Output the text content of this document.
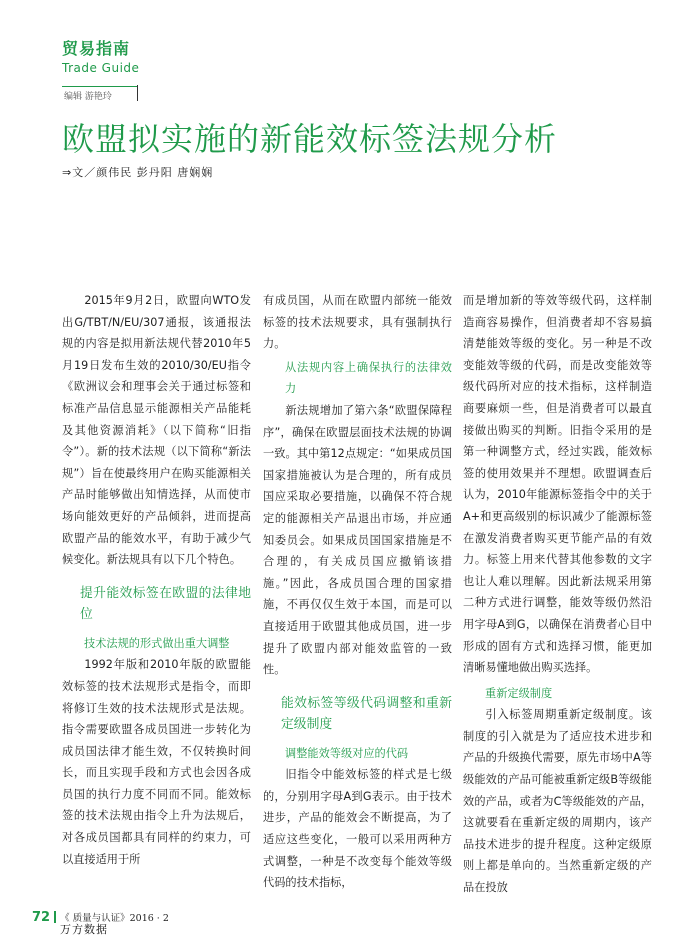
贸易指南
Trade Guide
编辑 游艳玲
欧盟拟实施的新能效标签法规分析
⇒文／颜伟民 彭丹阳 唐娴娴

2015年9月2日，欧盟向WTO发出G/TBT/N/EU/307通报，该通报法规的内容是拟用新法规代替2010年5月19日发布生效的2010/30/EU指令《欧洲议会和理事会关于通过标签和标准产品信息显示能源相关产品能耗及其他资源消耗》（以下简称“旧指令”）。新的技术法规（以下简称“新法规”）旨在使最终用户在购买能源相关产品时能够做出知情选择，从而使市场向能效更好的产品倾斜，进而提高欧盟产品的能效水平，有助于减少气候变化。新法规具有以下几个特色。

提升能效标签在欧盟的法律地位
技术法规的形式做出重大调整

1992年版和2010年版的欧盟能效标签的技术法规形式是指令，而即将修订生效的技术法规形式是法规。指令需要欧盟各成员国进一步转化为成员国法律才能生效，不仅转换时间长，而且实现手段和方式也会因各成员国的执行力度不同而不同。能效标签的技术法规由指令上升为法规后，对各成员国都具有同样的约束力，可以直接适用于所

有成员国，从而在欧盟内部统一能效标签的技术法规要求，具有强制执行力。

从法规内容上确保执行的法律效力

新法规增加了第六条“欧盟保障程序”，确保在欧盟层面技术法规的协调一致。其中第12点规定：“如果成员国国家措施被认为是合理的，所有成员国应采取必要措施，以确保不符合规定的能源相关产品退出市场，并应通知委员会。如果成员国国家措施是不合理的，有关成员国应撤销该措施。”因此，各成员国合理的国家措施，不再仅仅生效于本国，而是可以直接适用于欧盟其他成员国，进一步提升了欧盟内部对能效监管的一致性。

能效标签等级代码调整和重新定级制度
调整能效等级对应的代码

旧指令中能效标签的样式是七级的，分别用字母A到G表示。由于技术进步，产品的能效会不断提高，为了适应这些变化，一般可以采用两种方式调整，一种是不改变每个能效等级代码的技术指标，

而是增加新的等效等级代码，这样制造商容易操作，但消费者却不容易搞清楚能效等级的变化。另一种是不改变能效等级的代码，而是改变能效等级代码所对应的技术指标，这样制造商要麻烦一些，但是消费者可以最直接做出购买的判断。旧指令采用的是第一种调整方式，经过实践，能效标签的使用效果并不理想。欧盟调查后认为，2010年能源标签指令中的关于A+和更高级别的标识减少了能源标签在激发消费者购买更节能产品的有效力。标签上用来代替其他参数的文字也让人难以理解。因此新法规采用第二种方式进行调整，能效等级仍然沿用字母A到G，以确保在消费者心目中形成的固有方式和选择习惯，能更加清晰易懂地做出购买选择。

重新定级制度

引入标签周期重新定级制度。该制度的引入就是为了适应技术进步和产品的升级换代需要，原先市场中A等级能效的产品可能被重新定级B等级能效的产品，或者为C等级能效的产品，这就要看在重新定级的周期内，该产品技术进步的提升程度。这种定级原则上都是单向的。当然重新定级的产品在投放

72 《 质量与认证》2016 · 2
万方数据
